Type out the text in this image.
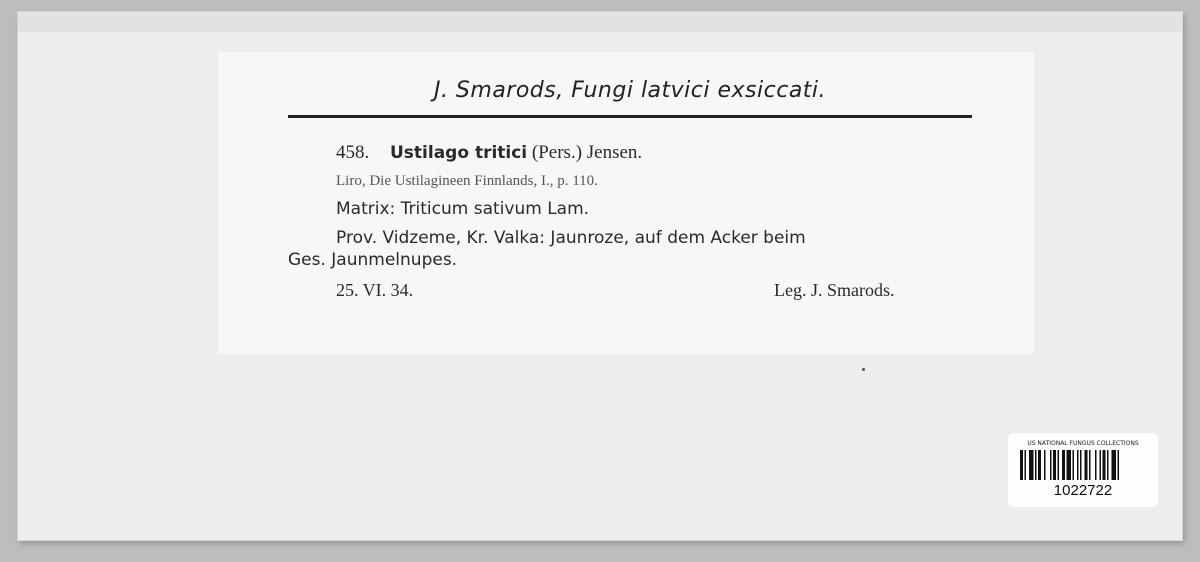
J. Smarods, Fungi latvici exsiccati.
458. Ustilago tritici (Pers.) Jensen.
Liro, Die Ustilagineen Finnlands, I., p. 110.
Matrix: Triticum sativum Lam.
Prov. Vidzeme, Kr. Valka: Jaunroze, auf dem Acker beim
Ges. Jaunmelnupes.
25. VI. 34.	Leg. J. Smarods.
US NATIONAL FUNGUS COLLECTIONS
1022722
